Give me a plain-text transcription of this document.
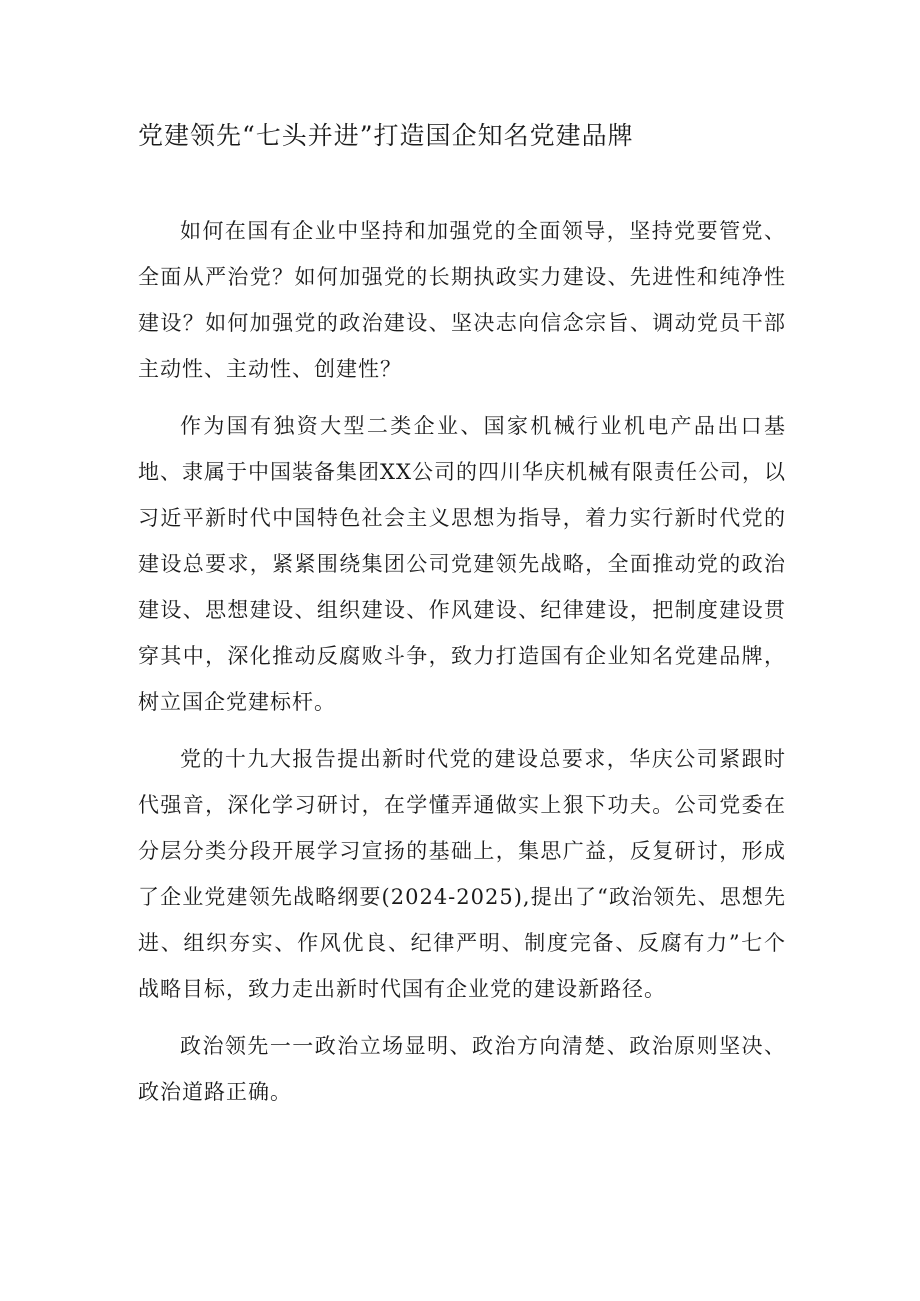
党建领先“七头并进”打造国企知名党建品牌

如何在国有企业中坚持和加强党的全面领导，坚持党要管党、全面从严治党？如何加强党的长期执政实力建设、先进性和纯净性建设？如何加强党的政治建设、坚决志向信念宗旨、调动党员干部主动性、主动性、创建性？

作为国有独资大型二类企业、国家机械行业机电产品出口基地、隶属于中国装备集团XX公司的四川华庆机械有限责任公司，以习近平新时代中国特色社会主义思想为指导，着力实行新时代党的建设总要求，紧紧围绕集团公司党建领先战略，全面推动党的政治建设、思想建设、组织建设、作风建设、纪律建设，把制度建设贯穿其中，深化推动反腐败斗争，致力打造国有企业知名党建品牌，树立国企党建标杆。

党的十九大报告提出新时代党的建设总要求，华庆公司紧跟时代强音，深化学习研讨，在学懂弄通做实上狠下功夫。公司党委在分层分类分段开展学习宣扬的基础上，集思广益，反复研讨，形成了企业党建领先战略纲要(2024-2025),提出了“政治领先、思想先进、组织夯实、作风优良、纪律严明、制度完备、反腐有力”七个战略目标，致力走出新时代国有企业党的建设新路径。

政治领先一一政治立场显明、政治方向清楚、政治原则坚决、政治道路正确。
